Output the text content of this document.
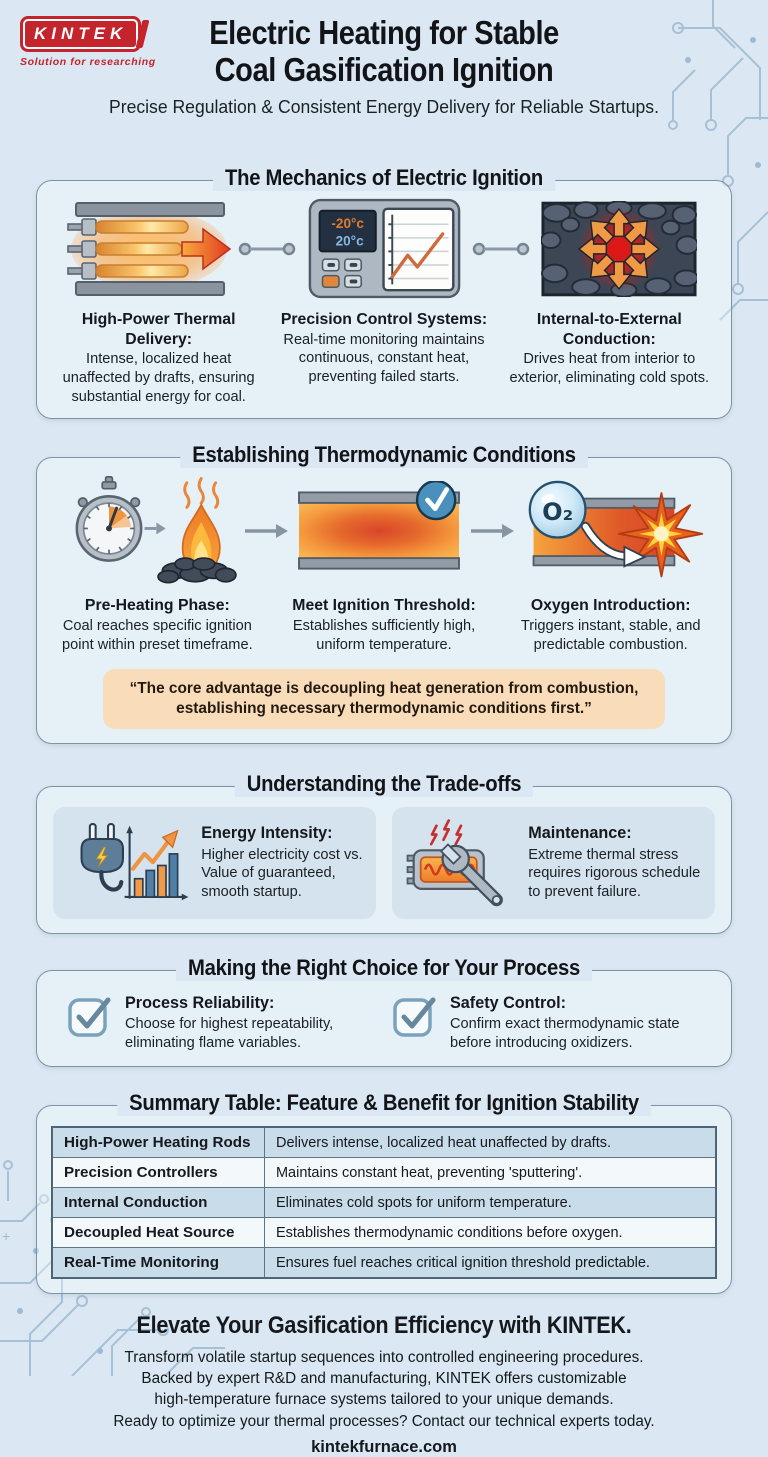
+
KINTEK
Solution for researching
Electric Heating for Stable
Coal Gasification Ignition
Precise Regulation & Consistent Energy Delivery for Reliable Startups.
The Mechanics of Electric Ignition
-20°c
20°c
High-Power Thermal Delivery:
Intense, localized heat unaffected by drafts, ensuring substantial energy for coal.
Precision Control Systems:
Real-time monitoring maintains continuous, constant heat, preventing failed starts.
Internal-to-External Conduction:
Drives heat from interior to exterior, eliminating cold spots.
Establishing Thermodynamic Conditions
O₂
Pre-Heating Phase:
Coal reaches specific ignition point within preset timeframe.
Meet Ignition Threshold:
Establishes sufficiently high, uniform temperature.
Oxygen Introduction:
Triggers instant, stable, and predictable combustion.
“The core advantage is decoupling heat generation from combustion, establishing necessary thermodynamic conditions first.”
Understanding the Trade-offs
Energy Intensity:
Higher electricity cost vs. Value of guaranteed, smooth startup.
Maintenance:
Extreme thermal stress requires rigorous schedule to prevent failure.
Making the Right Choice for Your Process
Process Reliability:
Choose for highest repeatability, eliminating flame variables.
Safety Control:
Confirm exact thermodynamic state before introducing oxidizers.
Summary Table: Feature & Benefit for Ignition Stability
High-Power Heating Rods	Delivers intense, localized heat unaffected by drafts.
Precision Controllers	Maintains constant heat, preventing 'sputtering'.
Internal Conduction	Eliminates cold spots for uniform temperature.
Decoupled Heat Source	Establishes thermodynamic conditions before oxygen.
Real-Time Monitoring	Ensures fuel reaches critical ignition threshold predictable.
Elevate Your Gasification Efficiency with KINTEK.
Transform volatile startup sequences into controlled engineering procedures.
Backed by expert R&D and manufacturing, KINTEK offers customizable
high-temperature furnace systems tailored to your unique demands.
Ready to optimize your thermal processes? Contact our technical experts today.
kintekfurnace.com
